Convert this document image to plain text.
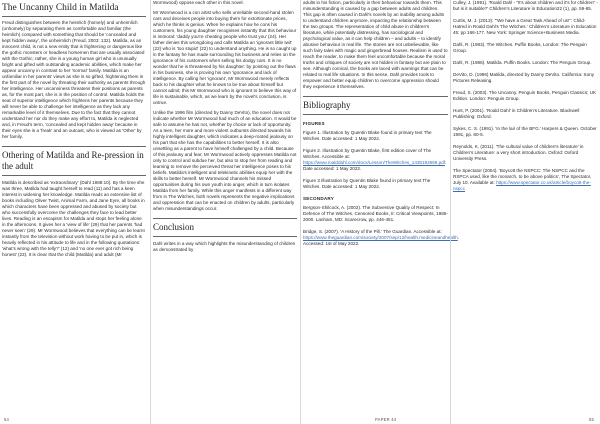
The Uncanny Child in Matilda

Freud distinguishes between the heimlich (homely) and unheimlich (unhomely) by separating them as comfortable and familiar (the heimlich) compared with something that should be 'concealed and kept hidden away', the unheimlich (Freud, 2003: 132). Matilda, as an innocent child, is not a new entity that is frightening or dangerous like the gothic monsters or headless horsemen that are usually associated with the Gothic; rather, she is a young human girl who is unusually bright and gifted with outstanding academic abilities, which make her appear uncanny in contrast to her 'normal' family. Matilda is an unfamiliar in her parents' views as she is so gifted, frightening them in the first part of the novel by threating their authority as parents through her intelligence. Her uncanniness threatens their positions as parents as, for the most part, she is in the position of control. Matilda holds the seat of superior intelligence which frightens her parents because they will never be able to challenge her intelligence as they lack any remarkable level of it themselves. Due to the fact that they cannot understand her nor do they make any effort to, Matilda is neglected and, in Freud's term, 'concealed and kept hidden away' because in their eyes she is a 'freak' and an outcast, who is viewed as 'Other' by her family.

Othering of Matilda and Re-pression in the adult

Matilda is described as 'extraordinary' (Dahl 1988:10). By the time she was three, Matilda had taught herself to read (11) and has a keen interest in widening her knowledge. Matilda reads an extensive list of books including Oliver Twist, Animal Farm, and Jane Eyre, all books in which characters have been oppressed and abused by society but who successfully overcome the challenges they face to lead better lives. Reading is an escapism for Matilda and stops her feeling alone in the afternoons. It gives her a 'view of life' (29) that her parents 'had never seen' (29). Mr Wormwood believes that everything can be learnt instantly from the television without work having to be put in, which is heavily reflected in his attitude to life and in the following quotations: 'what's wrong with the telly?' (12) and 'no one ever got rich being honest' (23). It is clear that the child (Matilda) and adult (Mr

Wormwood) oppose each other in this novel.

Mr Wormwood is a con artist who sells unreliable second-hand stolen cars and deceives people into buying them for extortionate prices, which he thinks is genius. When he explains how he cons his customers, his young daughter recognises instantly that this behaviour is immoral: 'daddy you're cheating people who trust you' (24). Her father denies this wrongdoing and calls Matilda an 'ignorant little twit' (22) who is 'too stupid' (22) to understand anything. He is so caught up in the fantasy he has made surrounding his business and relies on the ignorance of his customers when selling his dodgy cars. It is no wonder that he is threatened by his daughter: by pointing out the flaws in his business, she is proving his own 'ignorance and lack of intelligence. By calling her 'ignorant', Mr Wormwood merely reflects back to his daughter what he knows to be true about himself but cannot admit; this Mr Wormwood who is ignorant to believe this way of life is sustainable, which, as we learn by the novel's conclusion, is untrue.

Unlike the 1996 film (directed by Danny DeVito), the novel does not indicate whether Mr Wormwood had much of an education. It would be safe to assume he has not, whether by choice or lack of opportunity. As a teen, her more and more violent outbursts directed towards his highly intelligent daughter, which indicates a deep-rooted jealousy on his part that she has the capabilities to better herself. It is also unsettling as a parent to have himself challenged by a child. Because of this jealousy and fear, Mr Wormwood actively oppresses Matilda not only to control and subdue her, but also to stop her from reading and learning to remove the perceived threat her intelligence poses to his beliefs. Matilda's intelligent and telekinetic abilities equip her with the skills to better herself. Mr Wormwood channels his missed opportunities during his own youth into anger, which in turn isolates Matilda from her family. While this anger manifests in a different way from in The Witches, both novels represents the negative implications and oppression that can be enacted on children by adults, particularly when misunderstandings occur.

Conclusion

Dahl writes in a way which highlights the misunderstanding of children as demonstrated by

adults in his fiction, particularly in their behaviour towards them. This misunderstanding is caused by a gap between adults and children. This gap is often caused in Dahl's novels by an inability among adults to understand children anymore, impacting the relationship between the two groups. The representation of child abuse in children's literature, while potentially distressing, has sociological and psychological value, as it can help children – and adults – to identify abusive behaviour in real life. The stories are not unbelievable, like such fairy tales with magic and gingerbread houses. Realism is used to reach the reader, to make them feel uncomfortable because the moral truths and critiques of society are not hidden in fantasy but are plain to see. Although comical, the books are laced with warnings that can be related to real life situations. In this sense, Dahl provides tools to empower and better equip children to overcome oppression should they experience it themselves.

Bibliography
FIGURES

Figure 1. Illustration by Quentin Blake found in primary text The Witches. Date accessed: 1 May 2022.

Figure 2. Illustration by Quentin Blake, first edition cover of The Witches. Accessible at: https://www.roalddahl.com/docs/Lesson/TheWitches_1435192669.pdf. Date accessed: 1 May 2022.

Figure 3 Illustration by Quentin Blake found in primary text The Witches. Date accessed: 1 May 2022.

SECONDARY

Bergson-Shilcock, A. (2002). The Subversive Quality of Respect: In Defence of The Witches. Censored Books, II: Critical Viewpoints, 1985-2000. Lanham, MD: Scarecrow, pp. 446-451.

Bridge, S. (2007). 'A History of the Pill.' The Guardian. Accessible at: https://www.theguardian.com/society/2007/sep/12/health.medicineandhealth. Accessed: 1st of May 2022.

Culley, J. (1991). 'Roald Dahl - "It's about children and it's for children" - but is it suitable?' Children's Literature in Education22 (1), pp. 59-65.

Curtis, M. J. (2013): '"We have a Great Task Ahead of us!": Child-Hatred in Roald Dahl's The Witches.' Children's Literature in Education 45: pp 166-177. New York: Springer Science+Business Media.

Dahl, R. (1983). The Witches. Puffin Books, London: The Penguin Group.

Dahl, R. (1988). Matilda. Puffin Books. London: The Penguin Group.

DeVito, D. (1996) Matilda, directed by Danny DeVito. California: Sony Pictures Releasing.

Freud, S. (2003). The Uncanny. Penguin Books, Penguin Classics; UK Edition. London: Penguin Group.

Hunt, P. (2001). 'Roald Dahl' in Children's Literature. Blackwell Publishing: Oxford.

Sykes, C. S. (1991). 'In the lair of the BFG.' Harpers & Queen. October 1991, pp. 80-5.

Reynolds, K. (2011). 'The cultural value of children's literature' in Children's Literature: a very short introduction. Oxford: Oxford University Press.

The Spectator (2004). 'Boycott the NSPCC: The NSPCC and the RSPCA used, like the monarch, to be above politics', The Spectator, July 10. Available at: https://www.spectator.co.uk/article/boycott-the-nspcc

54	PAPER 44	55
